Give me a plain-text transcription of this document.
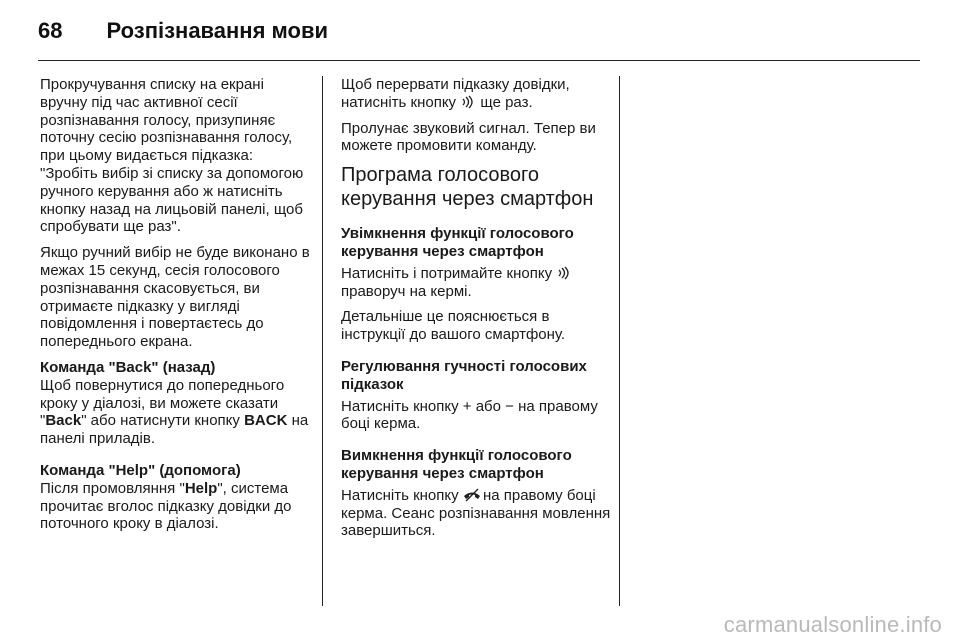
68 Розпізнавання мови

Прокручування списку на екрані вручну під час активної сесії розпізнавання голосу, призупиняє поточну сесію розпізнавання голосу, при цьому видається підказка: "Зробіть вибір зі списку за допомогою ручного керування або ж натисніть кнопку назад на лицьовій панелі, щоб спробувати ще раз".

Якщо ручний вибір не буде виконано в межах 15 секунд, сесія голосового розпізнавання скасовується, ви отримаєте підказку у вигляді повідомлення і повертаєтесь до попереднього екрана.

Команда "Back" (назад)

Щоб повернутися до попереднього кроку у діалозі, ви можете сказати "Back" або натиснути кнопку BACK на панелі приладів.

Команда "Help" (допомога)

Після промовляння "Help", система прочитає вголос підказку довідки до поточного кроку в діалозі.

Щоб перервати підказку довідки, натисніть кнопку  ще раз.

Пролунає звуковий сигнал. Тепер ви можете промовити команду.

Програма голосового керування через смартфон
Увімкнення функції голосового керування через смартфон

Натисніть і потримайте кнопку  праворуч на кермі.

Детальніше це пояснюється в інструкції до вашого смартфону.

Регулювання гучності голосових підказок

Натисніть кнопку + або − на правому боці керма.

Вимкнення функції голосового керування через смартфон

Натисніть кнопку  на правому боці керма. Сеанс розпізнавання мовлення завершиться.

carmanualsonline.info
